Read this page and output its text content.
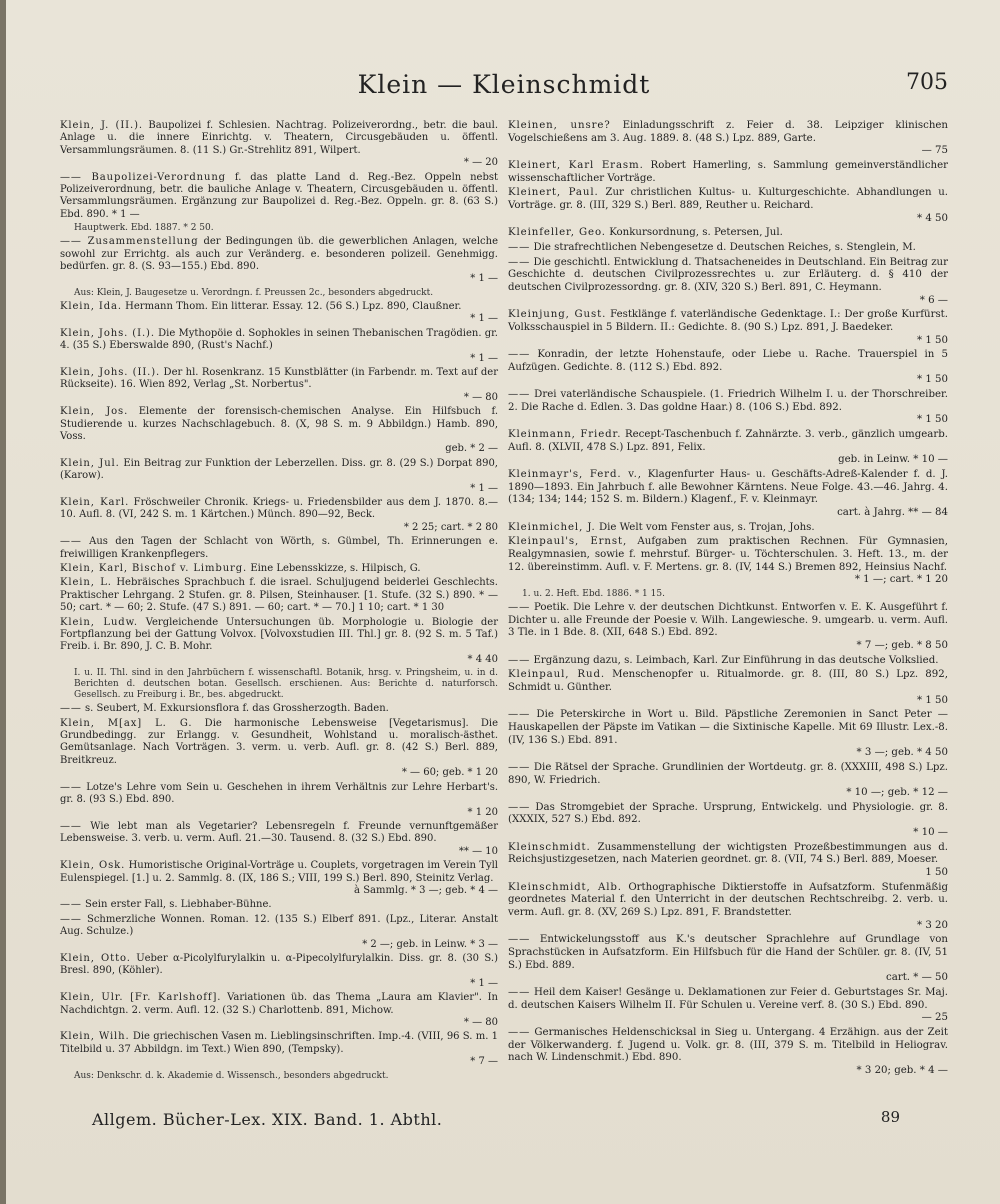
Klein — Kleinschmidt	705
Klein, J. (II.). Baupolizei f. Schlesien. Nachtrag. Polizeiverordng., betr. die baul. Anlage u. die innere Einrichtg. v. Theatern, Circusgebäuden u. öffentl. Versammlungsräumen. 8. (11 S.) Gr.-Strehlitz 891, Wilpert.
* — 20
—— Baupolizei-Verordnung f. das platte Land d. Reg.-Bez. Oppeln nebst Polizeiverordnung, betr. die bauliche Anlage v. Theatern, Circusgebäuden u. öffentl. Versammlungsräumen. Ergänzung zur Baupolizei d. Reg.-Bez. Oppeln. gr. 8. (63 S.) Ebd. 890. * 1 —
Hauptwerk. Ebd. 1887. * 2 50.
—— Zusammenstellung der Bedingungen üb. die gewerblichen Anlagen, welche sowohl zur Errichtg. als auch zur Veränderg. e. besonderen polizeil. Genehmigg. bedürfen. gr. 8. (S. 93—155.) Ebd. 890.
* 1 —
Aus: Klein, J. Baugesetze u. Verordngn. f. Preussen 2c., besonders abgedruckt.
Klein, Ida. Hermann Thom. Ein litterar. Essay. 12. (56 S.) Lpz. 890, Claußner.
* 1 —
Klein, Johs. (I.). Die Mythopöie d. Sophokles in seinen Thebanischen Tragödien. gr. 4. (35 S.) Eberswalde 890, (Rust's Nachf.)
* 1 —
Klein, Johs. (II.). Der hl. Rosenkranz. 15 Kunstblätter (in Farbendr. m. Text auf der Rückseite). 16. Wien 892, Verlag „St. Norbertus".
* — 80
Klein, Jos. Elemente der forensisch-chemischen Analyse. Ein Hilfsbuch f. Studierende u. kurzes Nachschlagebuch. 8. (X, 98 S. m. 9 Abbildgn.) Hamb. 890, Voss.
geb. * 2 —
Klein, Jul. Ein Beitrag zur Funktion der Leberzellen. Diss. gr. 8. (29 S.) Dorpat 890, (Karow).
* 1 —
Klein, Karl. Fröschweiler Chronik. Kriegs- u. Friedensbilder aus dem J. 1870. 8.—10. Aufl. 8. (VI, 242 S. m. 1 Kärtchen.) Münch. 890—92, Beck.
* 2 25; cart. * 2 80
—— Aus den Tagen der Schlacht von Wörth, s. Gümbel, Th. Erinnerungen e. freiwilligen Krankenpflegers.
Klein, Karl, Bischof v. Limburg. Eine Lebensskizze, s. Hilpisch, G.
Klein, L. Hebräisches Sprachbuch f. die israel. Schuljugend beiderlei Geschlechts. Praktischer Lehrgang. 2 Stufen. gr. 8. Pilsen, Steinhauser. [1. Stufe. (32 S.) 890. * — 50; cart. * — 60; 2. Stufe. (47 S.) 891. — 60; cart. * — 70.] 1 10; cart. * 1 30
Klein, Ludw. Vergleichende Untersuchungen üb. Morphologie u. Biologie der Fortpflanzung bei der Gattung Volvox. [Volvoxstudien III. Thl.] gr. 8. (92 S. m. 5 Taf.) Freib. i. Br. 890, J. C. B. Mohr.
* 4 40
I. u. II. Thl. sind in den Jahrbüchern f. wissenschaftl. Botanik, hrsg. v. Pringsheim, u. in d. Berichten d. deutschen botan. Gesellsch. erschienen. Aus: Berichte d. naturforsch. Gesellsch. zu Freiburg i. Br., bes. abgedruckt.
—— s. Seubert, M. Exkursionsflora f. das Grossherzogth. Baden.
Klein, M[ax] L. G. Die harmonische Lebensweise [Vegetarismus]. Die Grundbedingg. zur Erlangg. v. Gesundheit, Wohlstand u. moralisch-ästhet. Gemütsanlage. Nach Vorträgen. 3. verm. u. verb. Aufl. gr. 8. (42 S.) Berl. 889, Breitkreuz.
* — 60; geb. * 1 20
—— Lotze's Lehre vom Sein u. Geschehen in ihrem Verhältnis zur Lehre Herbart's. gr. 8. (93 S.) Ebd. 890.
* 1 20
—— Wie lebt man als Vegetarier? Lebensregeln f. Freunde vernunftgemäßer Lebensweise. 3. verb. u. verm. Aufl. 21.—30. Tausend. 8. (32 S.) Ebd. 890.
** — 10
Klein, Osk. Humoristische Original-Vorträge u. Couplets, vorgetragen im Verein Tyll Eulenspiegel. [1.] u. 2. Sammlg. 8. (IX, 186 S.; VIII, 199 S.) Berl. 890, Steinitz Verlag.
à Sammlg. * 3 —; geb. * 4 —
—— Sein erster Fall, s. Liebhaber-Bühne.
—— Schmerzliche Wonnen. Roman. 12. (135 S.) Elberf 891. (Lpz., Literar. Anstalt Aug. Schulze.)
* 2 —; geb. in Leinw. * 3 —
Klein, Otto. Ueber α-Picolylfurylalkin u. α-Pipecolylfurylalkin. Diss. gr. 8. (30 S.) Bresl. 890, (Köhler).
* 1 —
Klein, Ulr. [Fr. Karlshoff]. Variationen üb. das Thema „Laura am Klavier". In Nachdichtgn. 2. verm. Aufl. 12. (32 S.) Charlottenb. 891, Michow.
* — 80
Klein, Wilh. Die griechischen Vasen m. Lieblingsinschriften. Imp.-4. (VIII, 96 S. m. 1 Titelbild u. 37 Abbildgn. im Text.) Wien 890, (Tempsky).
* 7 —
Aus: Denkschr. d. k. Akademie d. Wissensch., besonders abgedruckt.
Kleinen, unsre? Einladungsschrift z. Feier d. 38. Leipziger klinischen Vogelschießens am 3. Aug. 1889. 8. (48 S.) Lpz. 889, Garte.
— 75
Kleinert, Karl Erasm. Robert Hamerling, s. Sammlung gemeinverständlicher wissenschaftlicher Vorträge.
Kleinert, Paul. Zur christlichen Kultus- u. Kulturgeschichte. Abhandlungen u. Vorträge. gr. 8. (III, 329 S.) Berl. 889, Reuther u. Reichard.
* 4 50
Kleinfeller, Geo. Konkursordnung, s. Petersen, Jul.
—— Die strafrechtlichen Nebengesetze d. Deutschen Reiches, s. Stenglein, M.
—— Die geschichtl. Entwicklung d. Thatsacheneides in Deutschland. Ein Beitrag zur Geschichte d. deutschen Civilprozessrechtes u. zur Erläuterg. d. § 410 der deutschen Civilprozessordng. gr. 8. (XIV, 320 S.) Berl. 891, C. Heymann.
* 6 —
Kleinjung, Gust. Festklänge f. vaterländische Gedenktage. I.: Der große Kurfürst. Volksschauspiel in 5 Bildern. II.: Gedichte. 8. (90 S.) Lpz. 891, J. Baedeker.
* 1 50
—— Konradin, der letzte Hohenstaufe, oder Liebe u. Rache. Trauerspiel in 5 Aufzügen. Gedichte. 8. (112 S.) Ebd. 892.
* 1 50
—— Drei vaterländische Schauspiele. (1. Friedrich Wilhelm I. u. der Thorschreiber. 2. Die Rache d. Edlen. 3. Das goldne Haar.) 8. (106 S.) Ebd. 892.
* 1 50
Kleinmann, Friedr. Recept-Taschenbuch f. Zahnärzte. 3. verb., gänzlich umgearb. Aufl. 8. (XLVII, 478 S.) Lpz. 891, Felix.
geb. in Leinw. * 10 —
Kleinmayr's, Ferd. v., Klagenfurter Haus- u. Geschäfts-Adreß-Kalender f. d. J. 1890—1893. Ein Jahrbuch f. alle Bewohner Kärntens. Neue Folge. 43.—46. Jahrg. 4. (134; 134; 144; 152 S. m. Bildern.) Klagenf., F. v. Kleinmayr.
cart. à Jahrg. ** — 84
Kleinmichel, J. Die Welt vom Fenster aus, s. Trojan, Johs.
Kleinpaul's, Ernst, Aufgaben zum praktischen Rechnen. Für Gymnasien, Realgymnasien, sowie f. mehrstuf. Bürger- u. Töchterschulen. 3. Heft. 13., m. der 12. übereinstimm. Aufl. v. F. Mertens. gr. 8. (IV, 144 S.) Bremen 892, Heinsius Nachf.
* 1 —; cart. * 1 20
1. u. 2. Heft. Ebd. 1886. * 1 15.
—— Poetik. Die Lehre v. der deutschen Dichtkunst. Entworfen v. E. K. Ausgeführt f. Dichter u. alle Freunde der Poesie v. Wilh. Langewiesche. 9. umgearb. u. verm. Aufl. 3 Tle. in 1 Bde. 8. (XII, 648 S.) Ebd. 892.
* 7 —; geb. * 8 50
—— Ergänzung dazu, s. Leimbach, Karl. Zur Einführung in das deutsche Volkslied.
Kleinpaul, Rud. Menschenopfer u. Ritualmorde. gr. 8. (III, 80 S.) Lpz. 892, Schmidt u. Günther.
* 1 50
—— Die Peterskirche in Wort u. Bild. Päpstliche Zeremonien in Sanct Peter — Hauskapellen der Päpste im Vatikan — die Sixtinische Kapelle. Mit 69 Illustr. Lex.-8. (IV, 136 S.) Ebd. 891.
* 3 —; geb. * 4 50
—— Die Rätsel der Sprache. Grundlinien der Wortdeutg. gr. 8. (XXXIII, 498 S.) Lpz. 890, W. Friedrich.
* 10 —; geb. * 12 —
—— Das Stromgebiet der Sprache. Ursprung, Entwickelg. und Physiologie. gr. 8. (XXXIX, 527 S.) Ebd. 892.
* 10 —
Kleinschmidt. Zusammenstellung der wichtigsten Prozeßbestimmungen aus d. Reichsjustizgesetzen, nach Materien geordnet. gr. 8. (VII, 74 S.) Berl. 889, Moeser.
1 50
Kleinschmidt, Alb. Orthographische Diktierstoffe in Aufsatzform. Stufenmäßig geordnetes Material f. den Unterricht in der deutschen Rechtschreibg. 2. verb. u. verm. Aufl. gr. 8. (XV, 269 S.) Lpz. 891, F. Brandstetter.
* 3 20
—— Entwickelungsstoff aus K.'s deutscher Sprachlehre auf Grundlage von Sprachstücken in Aufsatzform. Ein Hilfsbuch für die Hand der Schüler. gr. 8. (IV, 51 S.) Ebd. 889.
cart. * — 50
—— Heil dem Kaiser! Gesänge u. Deklamationen zur Feier d. Geburtstages Sr. Maj. d. deutschen Kaisers Wilhelm II. Für Schulen u. Vereine verf. 8. (30 S.) Ebd. 890.
— 25
—— Germanisches Heldenschicksal in Sieg u. Untergang. 4 Erzähign. aus der Zeit der Völkerwanderg. f. Jugend u. Volk. gr. 8. (III, 379 S. m. Titelbild in Heliograv. nach W. Lindenschmit.) Ebd. 890.
* 3 20; geb. * 4 —
Allgem. Bücher-Lex. XIX. Band. 1. Abthl.	89
